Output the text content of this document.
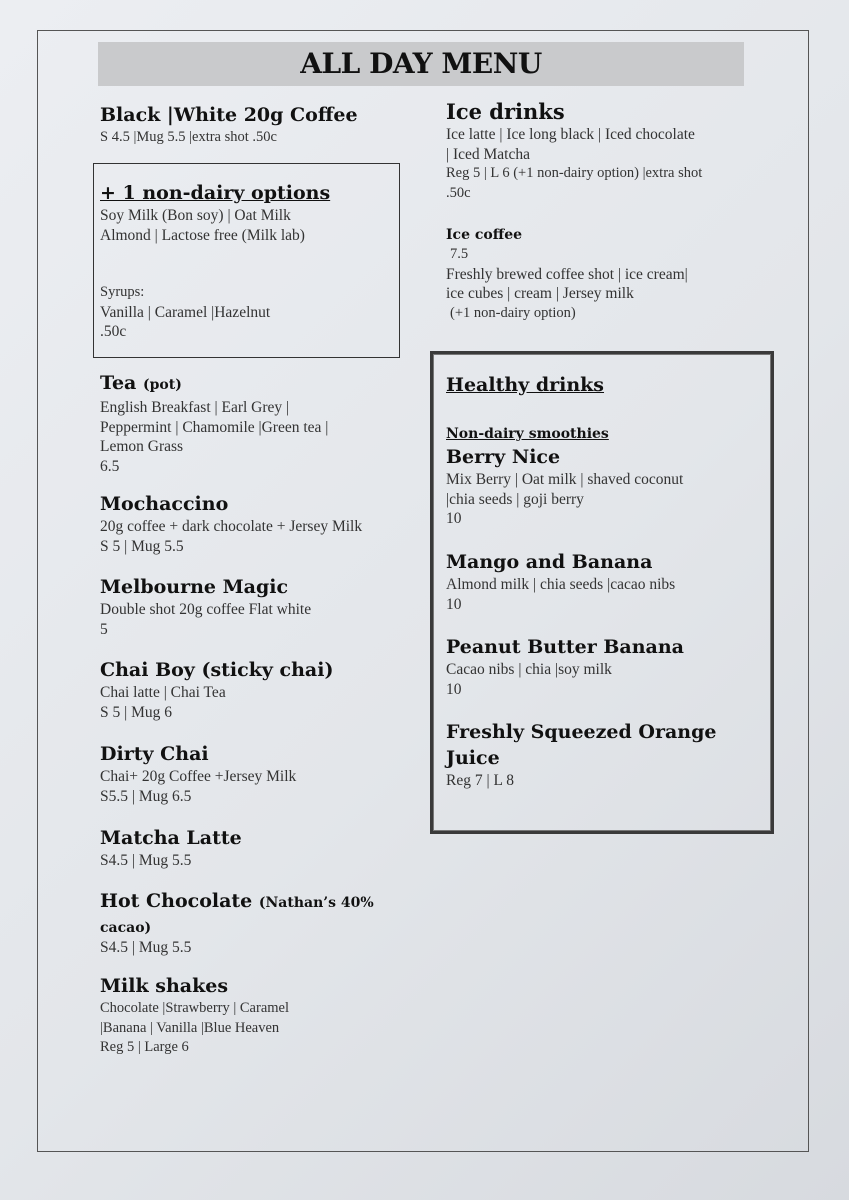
ALL DAY MENU
Black |White 20g Coffee
S 4.5 |Mug 5.5 |extra shot .50c
+ 1 non-dairy options
Soy Milk (Bon soy) | Oat Milk
Almond | Lactose free (Milk lab)
Syrups:
Vanilla | Caramel |Hazelnut
.50c
Tea (pot)
English Breakfast | Earl Grey |
Peppermint | Chamomile |Green tea |
Lemon Grass
6.5
Mochaccino
20g coffee + dark chocolate + Jersey Milk
S 5 | Mug 5.5
Melbourne Magic
Double shot 20g coffee Flat white
5
Chai Boy (sticky chai)
Chai latte | Chai Tea
S 5 | Mug 6
Dirty Chai
Chai+ 20g Coffee +Jersey Milk
S5.5 | Mug 6.5
Matcha Latte
S4.5 | Mug 5.5
Hot Chocolate (Nathan’s 40%
cacao)
S4.5 | Mug 5.5
Milk shakes
Chocolate |Strawberry | Caramel
|Banana | Vanilla |Blue Heaven
Reg 5 | Large 6
Ice drinks
Ice latte | Ice long black | Iced chocolate
| Iced Matcha
Reg 5 | L 6 (+1 non-dairy option) |extra shot
.50c
Ice coffee
7.5
Freshly brewed coffee shot | ice cream|
ice cubes | cream | Jersey milk
(+1 non-dairy option)
Healthy drinks
Non-dairy smoothies
Berry Nice
Mix Berry | Oat milk | shaved coconut
|chia seeds | goji berry
10
Mango and Banana
Almond milk | chia seeds |cacao nibs
10
Peanut Butter Banana
Cacao nibs | chia |soy milk
10
Freshly Squeezed Orange Juice
Reg 7 | L 8
